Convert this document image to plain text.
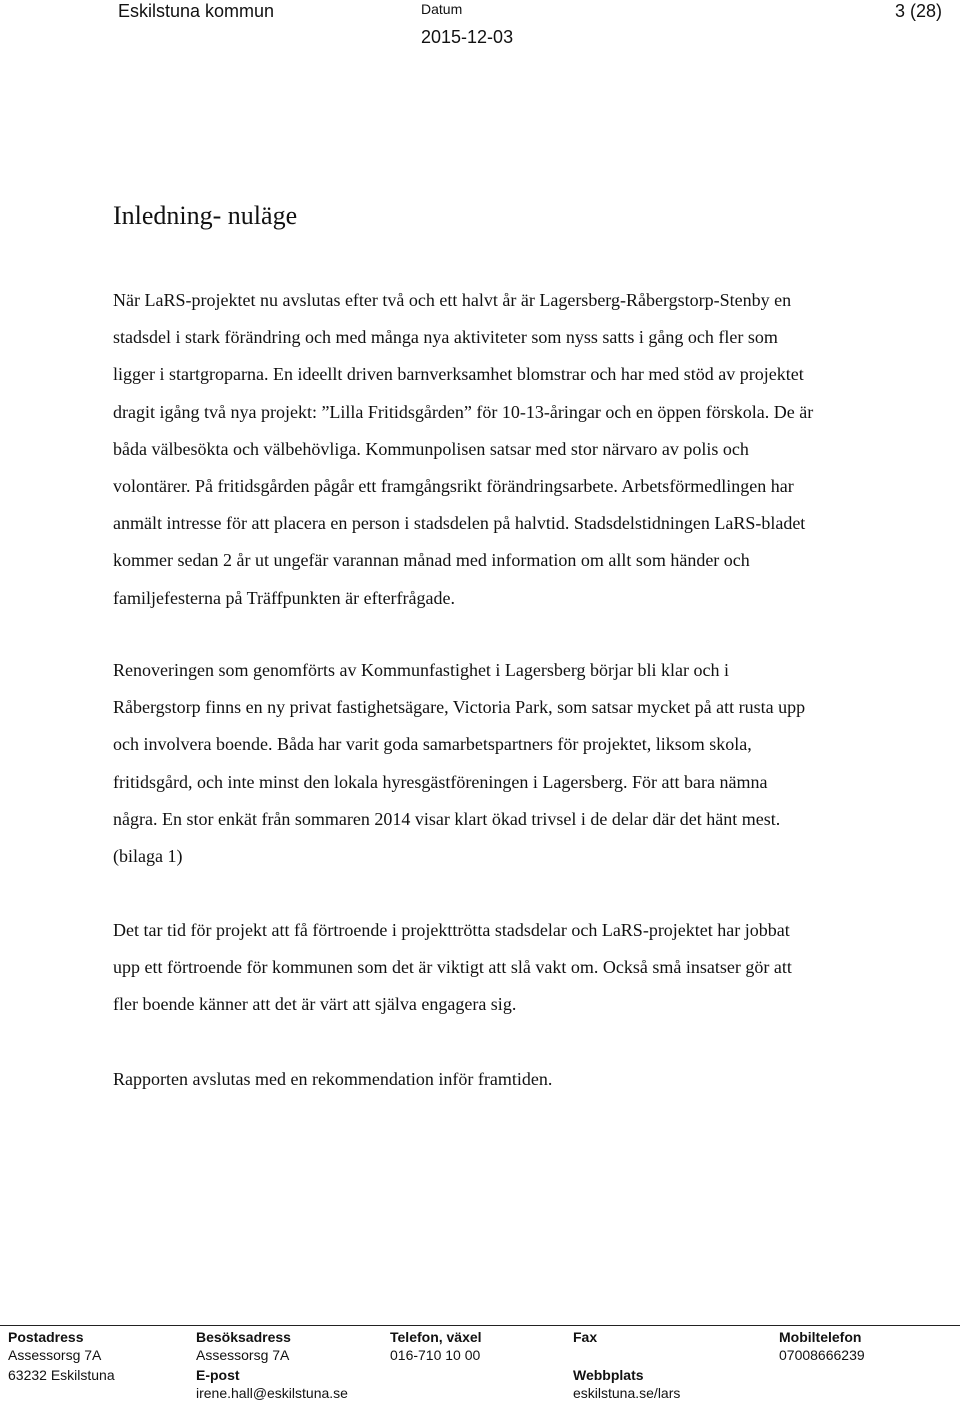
Eskilstuna kommun	Datum
2015-12-03
3 (28)
Inledning- nuläge
När LaRS-projektet nu avslutas efter två och ett halvt år är Lagersberg-Råbergstorp-Stenby en
stadsdel i stark förändring och med många nya aktiviteter som nyss satts i gång och fler som
ligger i startgroparna. En ideellt driven barnverksamhet blomstrar och har med stöd av projektet
dragit igång två nya projekt: ”Lilla Fritidsgården” för 10-13-åringar och en öppen förskola. De är
båda välbesökta och välbehövliga. Kommunpolisen satsar med stor närvaro av polis och
volontärer. På fritidsgården pågår ett framgångsrikt förändringsarbete. Arbetsförmedlingen har
anmält intresse för att placera en person i stadsdelen på halvtid. Stadsdelstidningen LaRS-bladet
kommer sedan 2 år ut ungefär varannan månad med information om allt som händer och
familjefesterna på Träffpunkten är efterfrågade.
Renoveringen som genomförts av Kommunfastighet i Lagersberg börjar bli klar och i
Råbergstorp finns en ny privat fastighetsägare, Victoria Park, som satsar mycket på att rusta upp
och involvera boende. Båda har varit goda samarbetspartners för projektet, liksom skola,
fritidsgård, och inte minst den lokala hyresgästföreningen i Lagersberg. För att bara nämna
några. En stor enkät från sommaren 2014 visar klart ökad trivsel i de delar där det hänt mest.
(bilaga 1)
Det tar tid för projekt att få förtroende i projekttrötta stadsdelar och LaRS-projektet har jobbat
upp ett förtroende för kommunen som det är viktigt att slå vakt om. Också små insatser gör att
fler boende känner att det är värt att själva engagera sig.
Rapporten avslutas med en rekommendation inför framtiden.
Postadress
Assessorsg 7A
63232 Eskilstuna
Besöksadress
Assessorsg 7A
E-post
irene.hall@eskilstuna.se
Telefon, växel
016-710 10 00
Fax
Webbplats
eskilstuna.se/lars
Mobiltelefon
07008666239
